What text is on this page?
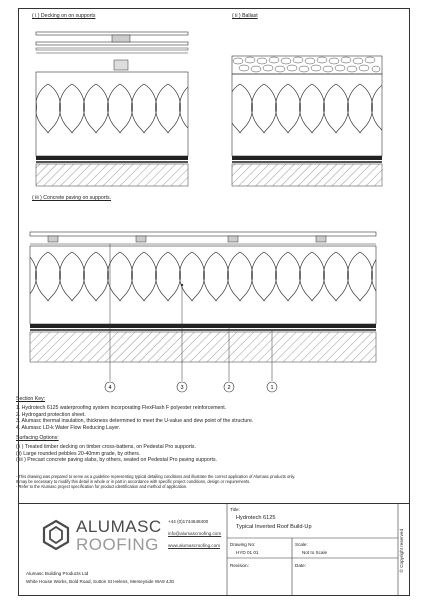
( i ) Decking on on supports	( ii ) Ballast
( iii ) Concrete paving on supports.
4	3	2	1
Section Key:
1. Hydrotech 6125 waterproofing system incorporating FlexFlash F polyester reinforcement.
2. Hydrogard protection sheet.
3. Alumasc thermal insulation, thickness determined to meet the U-value and dew point of the structure.
4. Alumasc LD-k Water Flow Reducing Layer.
Surfacing Options:
( i ) Treated timber decking on timber cross-battens, on Pedestal Pro supports.
(ii) Large rounded pebbles 20-40mm grade, by others.
( iii ) Precast concrete paving slabs, by others, seated on Pedestal Pro paving supports.
- This drawing was prepared to serve as a guideline representing typical detailing conditions and illustrate the correct application of Alumasc products only.
It may be necessary to modify this detail in whole or in part in accordance with specific project conditions, design or requirements.
- Refer to the Alumasc project specification for product identification and method of application.
ALUMASC
ROOFING
+44 (0)1744648400
info@alumascroofing.com
www.alumascroofing.com
Alumasc Building Products Ltd
White House Works, Bold Road, Sutton St Helens, Merseyside WA9 4JG
Title:
Hydrotech 6125
Typical Inverted Roof Build-Up
Drawing No:
HYD 01 01
Scale:
Not to Scale
Revision:	Date:	© Copyright reserved
